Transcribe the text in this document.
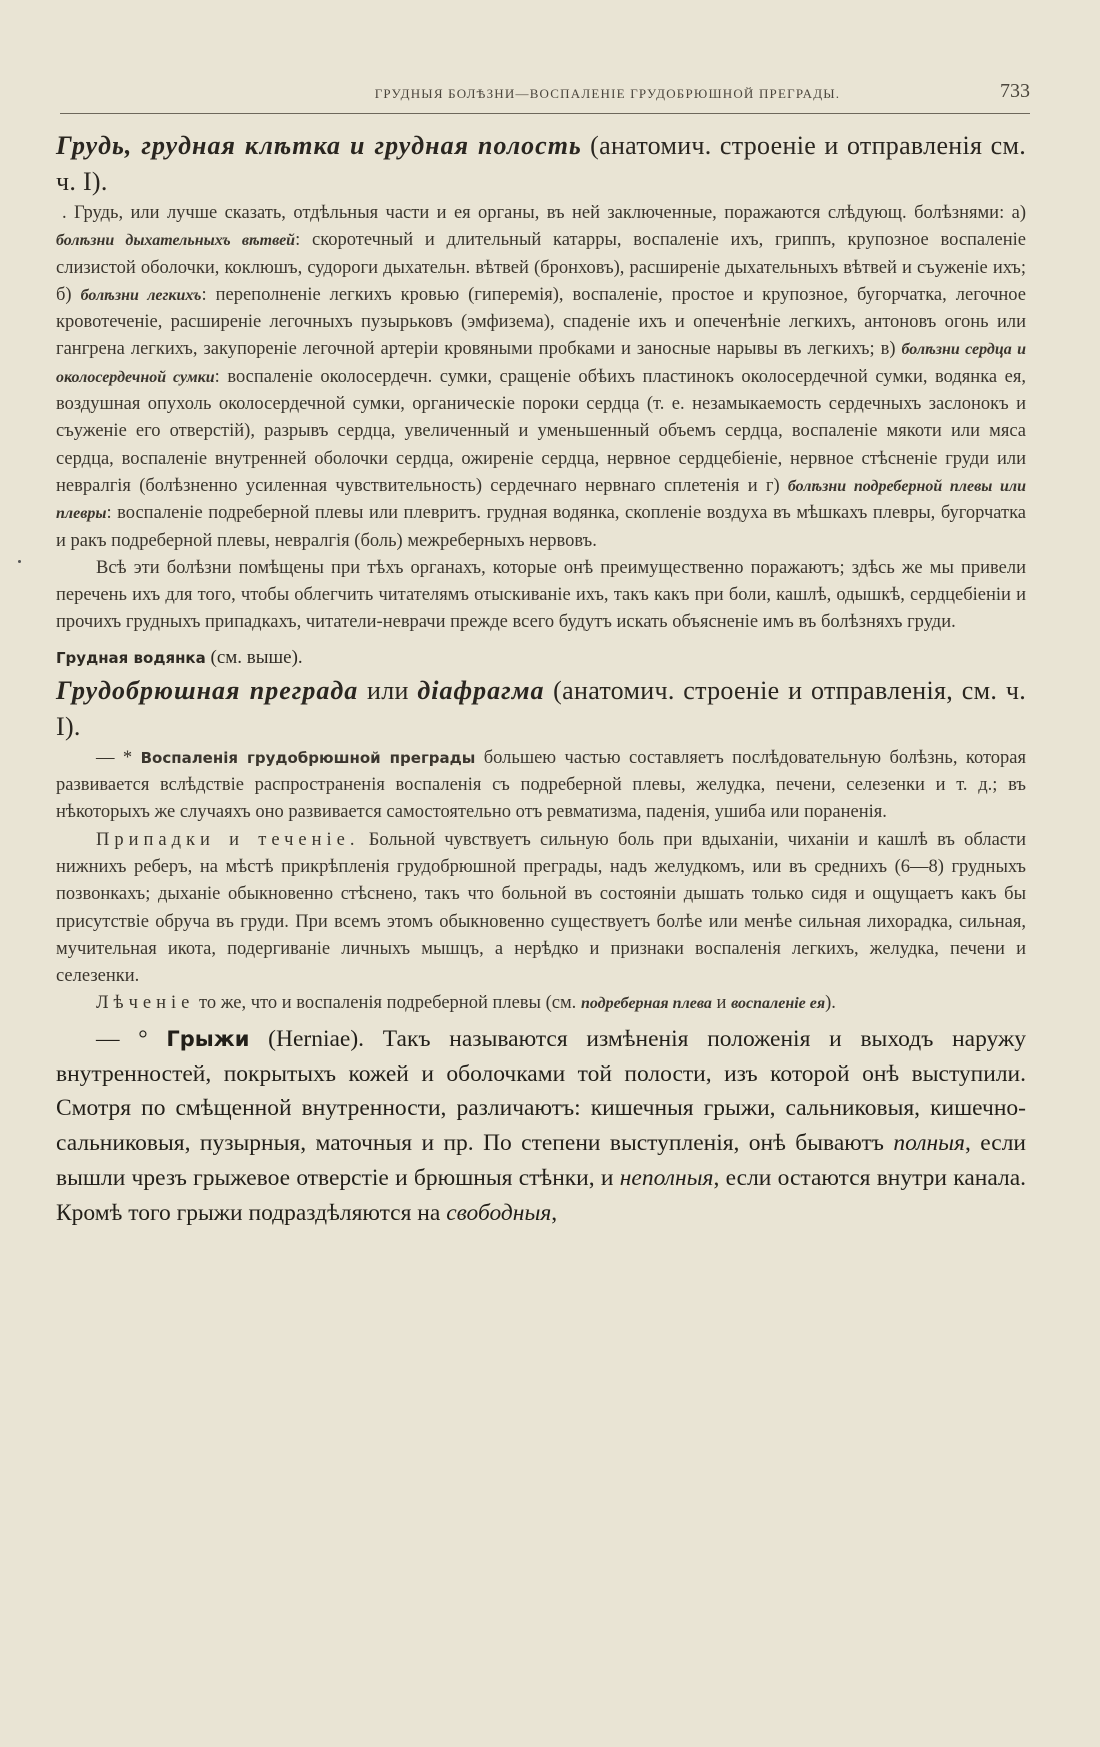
ГРУДНЫЯ БОЛѢЗНИ—ВОСПАЛЕНІЕ ГРУДОБРЮШНОЙ ПРЕГРАДЫ.	733

Грудь, грудная клѣтка и грудная полость (анатомич. строеніе и отправленія см. ч. I).

. Грудь, или лучше сказать, отдѣльныя части и ея органы, въ ней заключенные, поражаются слѣдующ. болѣзнями: а) болѣзни дыхательныхъ вѣтвей: скоротечный и длительный катарры, воспаленіе ихъ, гриппъ, крупозное воспаленіе слизистой оболочки, коклюшъ, судороги дыхательн. вѣтвей (бронховъ), расширеніе дыхательныхъ вѣтвей и съуженіе ихъ; б) болѣзни легкихъ: переполненіе легкихъ кровью (гиперемія), воспаленіе, простое и крупозное, бугорчатка, легочное кровотеченіе, расширеніе легочныхъ пузырьковъ (эмфизема), спаденіе ихъ и опеченѣніе легкихъ, антоновъ огонь или гангрена легкихъ, закупореніе легочной артеріи кровяными пробками и заносные нарывы въ легкихъ; в) болѣзни сердца и околосердечной сумки: воспаленіе околосердечн. сумки, сращеніе обѣихъ пластинокъ околосердечной сумки, водянка ея, воздушная опухоль околосердечной сумки, органическіе пороки сердца (т. е. незамыкаемость сердечныхъ заслонокъ и съуженіе его отверстій), разрывъ сердца, увеличенный и уменьшенный объемъ сердца, воспаленіе мякоти или мяса сердца, воспаленіе внутренней оболочки сердца, ожиреніе сердца, нервное сердцебіеніе, нервное стѣсненіе груди или невралгія (болѣзненно усиленная чувствительность) сердечнаго нервнаго сплетенія и г) болѣзни подреберной плевы или плевры: воспаленіе подреберной плевы или плевритъ. грудная водянка, скопленіе воздуха въ мѣшкахъ плевры, бугорчатка и ракъ подреберной плевы, невралгія (боль) межреберныхъ нервовъ.

Всѣ эти болѣзни помѣщены при тѣхъ органахъ, которые онѣ преимущественно поражаютъ; здѣсь же мы привели перечень ихъ для того, чтобы облегчить читателямъ отыскиваніе ихъ, такъ какъ при боли, кашлѣ, одышкѣ, сердцебіеніи и прочихъ грудныхъ припадкахъ, читатели-неврачи прежде всего будутъ искать объясненіе имъ въ болѣзняхъ груди.

Грудная водянка (см. выше).

Грудобрюшная преграда или діафрагма (анатомич. строеніе и отправленія, см. ч. I).

— * Воспаленія грудобрюшной преграды большею частью составляетъ послѣдовательную болѣзнь, которая развивается вслѣдствіе распространенія воспаленія съ подреберной плевы, желудка, печени, селезенки и т. д.; въ нѣкоторыхъ же случаяхъ оно развивается самостоятельно отъ ревматизма, паденія, ушиба или пораненія.

Припадки и теченіе. Больной чувствуетъ сильную боль при вдыханіи, чиханіи и кашлѣ въ области нижнихъ реберъ, на мѣстѣ прикрѣпленія грудобрюшной преграды, надъ желудкомъ, или въ среднихъ (6—8) грудныхъ позвонкахъ; дыханіе обыкновенно стѣснено, такъ что больной въ состояніи дышать только сидя и ощущаетъ какъ бы присутствіе обруча въ груди. При всемъ этомъ обыкновенно существуетъ болѣе или менѣе сильная лихорадка, сильная, мучительная икота, подергиваніе личныхъ мышцъ, а нерѣдко и признаки воспаленія легкихъ, желудка, печени и селезенки.

Лѣченіе то же, что и воспаленія подреберной плевы (см. подреберная плева и воспаленіе ея).

— ° Грыжи (Herniae). Такъ называются измѣненія положенія и выходъ наружу внутренностей, покрытыхъ кожей и оболочками той полости, изъ которой онѣ выступили. Смотря по смѣщенной внутренности, различаютъ: кишечныя грыжи, сальниковыя, кишечно-сальниковыя, пузырныя, маточныя и пр. По степени выступленія, онѣ бываютъ полныя, если вышли чрезъ грыжевое отверстіе и брюшныя стѣнки, и неполныя, если остаются внутри канала. Кромѣ того грыжи подраздѣляются на свободныя,
